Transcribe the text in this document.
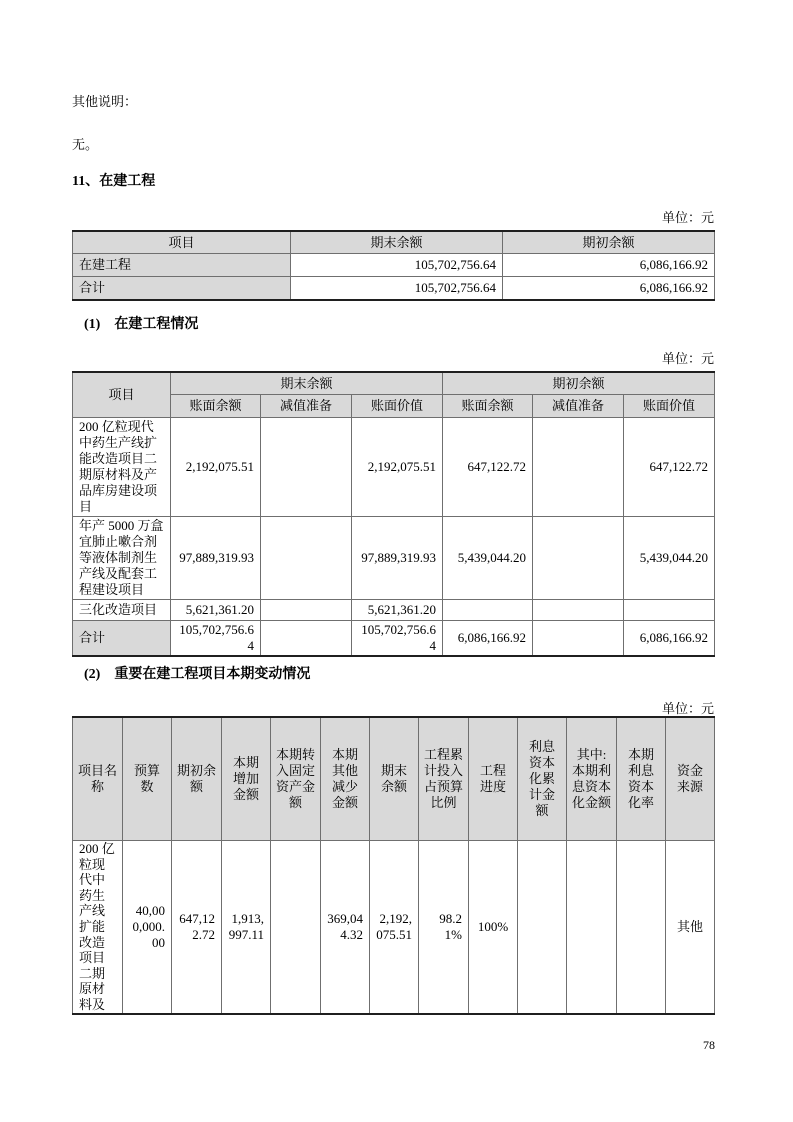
其他说明：
无。
11、在建工程
单位：元
项目	期末余额	期初余额
在建工程	105,702,756.64	6,086,166.92
合计	105,702,756.64	6,086,166.92
(1)　在建工程情况
单位：元
项目	期末余额			期初余额		
	账面余额	减值准备	账面价值	账面余额	减值准备	账面价值
200 亿粒现代中药生产线扩能改造项目二期原材料及产品库房建设项目	2,192,075.51		2,192,075.51	647,122.72		647,122.72
年产 5000 万盒宜肺止嗽合剂等液体制剂生产线及配套工程建设项目	97,889,319.93		97,889,319.93	5,439,044.20		5,439,044.20
三化改造项目	5,621,361.20		5,621,361.20			
合计	105,702,756.64		105,702,756.64	6,086,166.92		6,086,166.92
(2)　重要在建工程项目本期变动情况
单位：元
项目名称	预算数	期初余额	本期增加金额	本期转入固定资产金额	本期其他减少金额	期末余额	工程累计投入占预算比例	工程进度	利息资本化累计金额	其中:本期利息资本化金额	本期利息资本化率	资金来源
200 亿粒现代中药生产线扩能改造项目二期原材料及	40,000,000.00	647,122.72	1,913,997.11		369,044.32	2,192,075.51	98.21%	100%				其他
78
